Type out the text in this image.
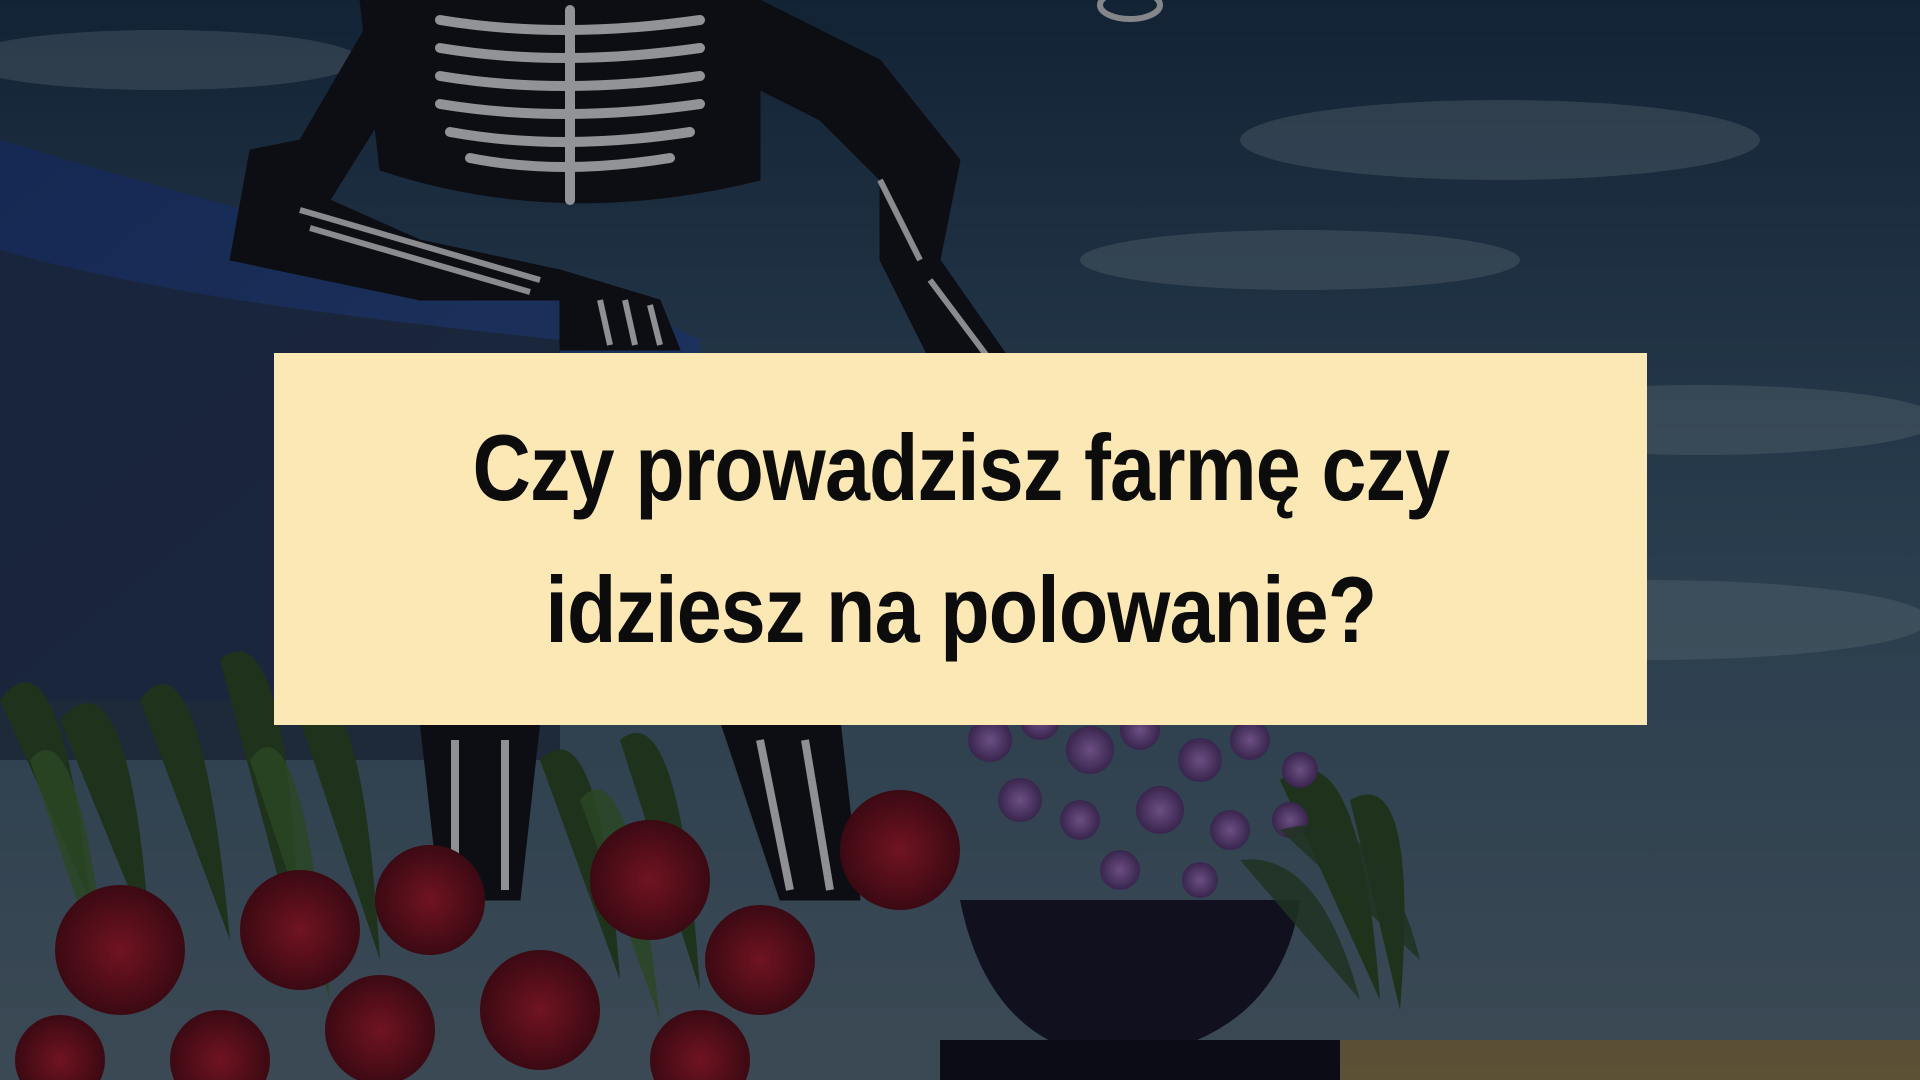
Czy prowadzisz farmę czy
idziesz na polowanie?
